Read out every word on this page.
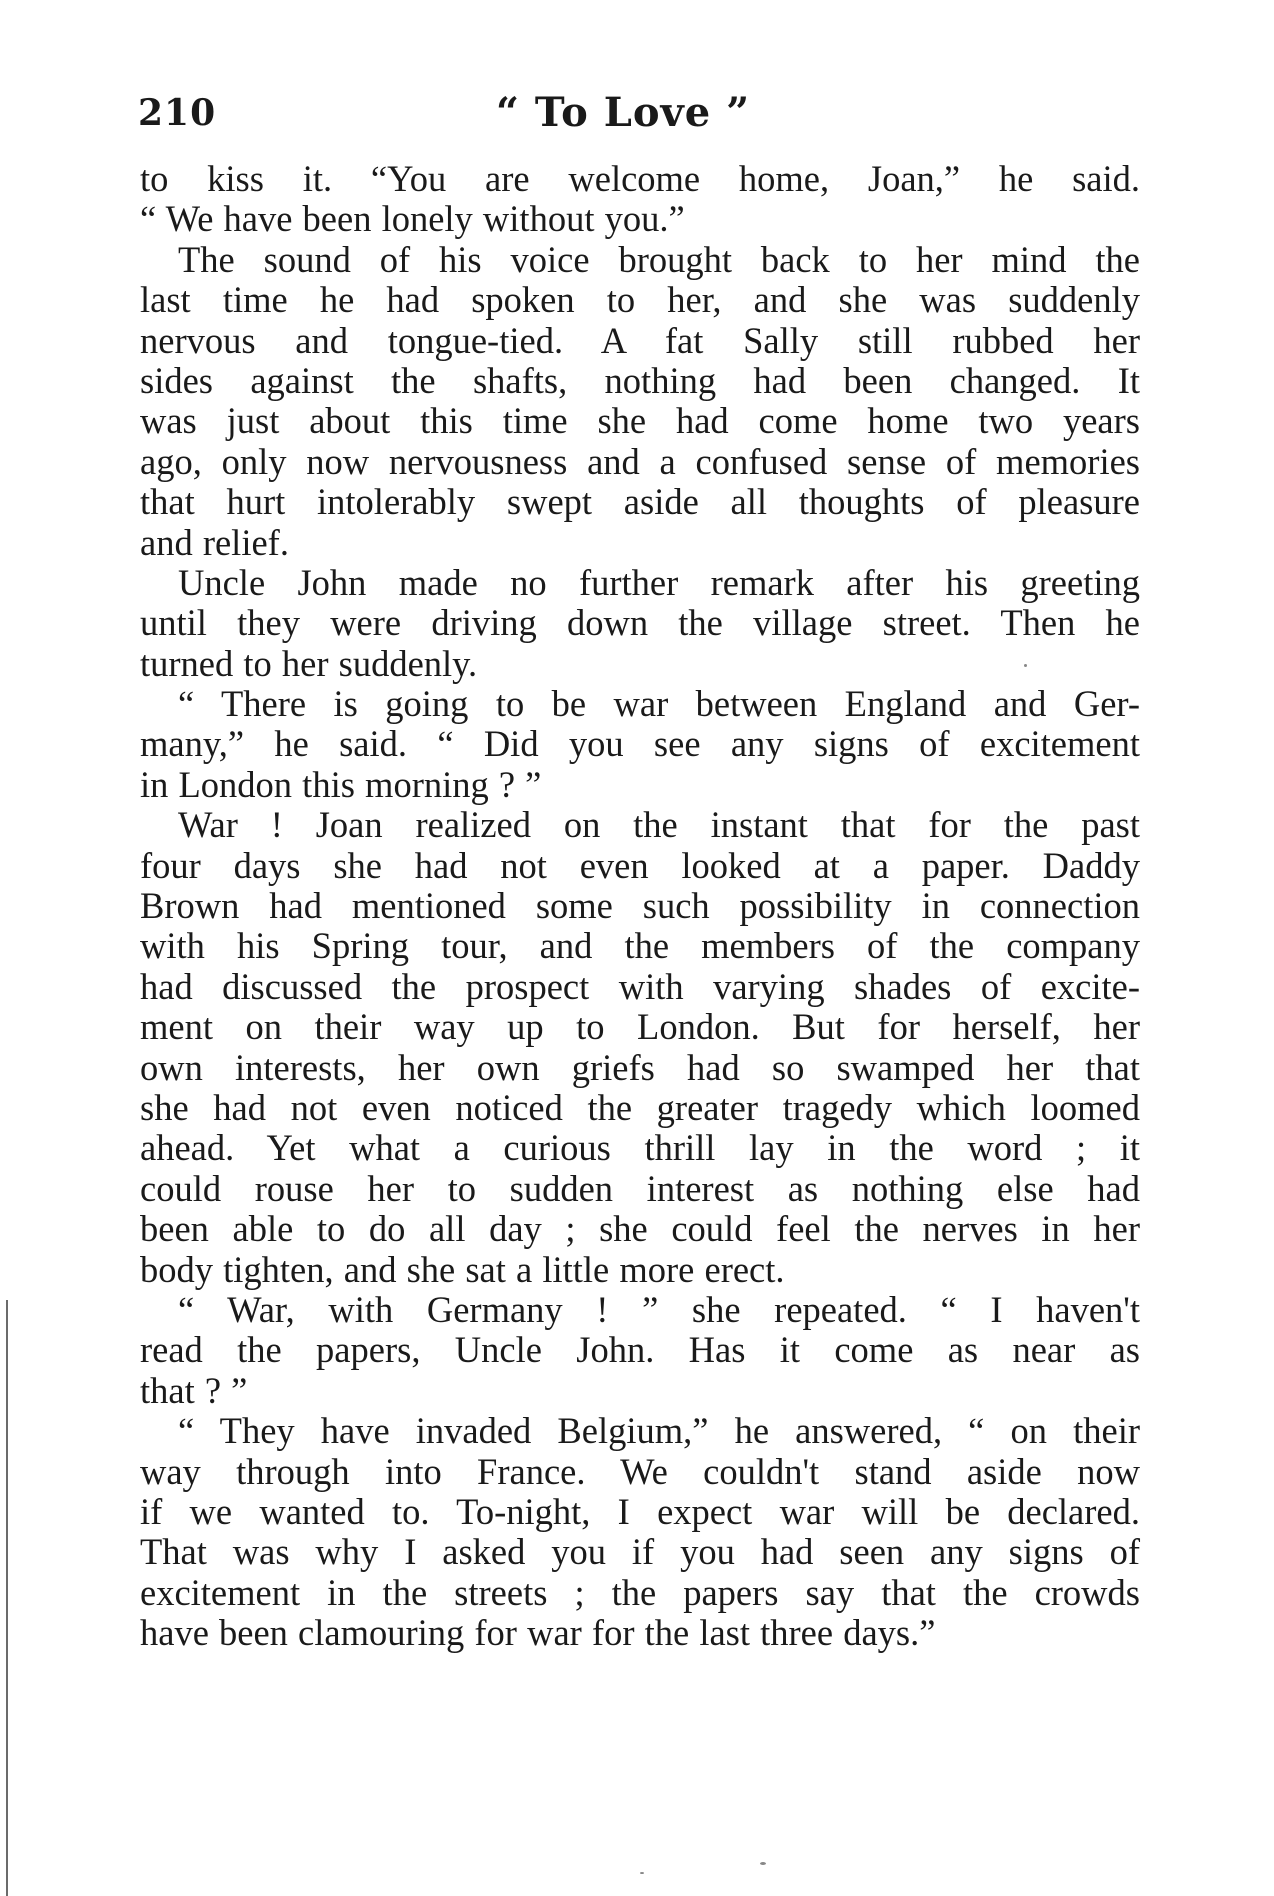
210	“ To Love ”
to kiss it. “You are welcome home, Joan,” he said.
“ We have been lonely without you.”
The sound of his voice brought back to her mind the
last time he had spoken to her, and she was suddenly
nervous and tongue-tied. A fat Sally still rubbed her
sides against the shafts, nothing had been changed. It
was just about this time she had come home two years
ago, only now nervousness and a confused sense of memories
that hurt intolerably swept aside all thoughts of pleasure
and relief.
Uncle John made no further remark after his greeting
until they were driving down the village street. Then he
turned to her suddenly.
“ There is going to be war between England and Ger-
many,” he said. “ Did you see any signs of excitement
in London this morning ? ”
War ! Joan realized on the instant that for the past
four days she had not even looked at a paper. Daddy
Brown had mentioned some such possibility in connection
with his Spring tour, and the members of the company
had discussed the prospect with varying shades of excite-
ment on their way up to London. But for herself, her
own interests, her own griefs had so swamped her that
she had not even noticed the greater tragedy which loomed
ahead. Yet what a curious thrill lay in the word ; it
could rouse her to sudden interest as nothing else had
been able to do all day ; she could feel the nerves in her
body tighten, and she sat a little more erect.
“ War, with Germany ! ” she repeated. “ I haven't
read the papers, Uncle John. Has it come as near as
that ? ”
“ They have invaded Belgium,” he answered, “ on their
way through into France. We couldn't stand aside now
if we wanted to. To-night, I expect war will be declared.
That was why I asked you if you had seen any signs of
excitement in the streets ; the papers say that the crowds
have been clamouring for war for the last three days.”
